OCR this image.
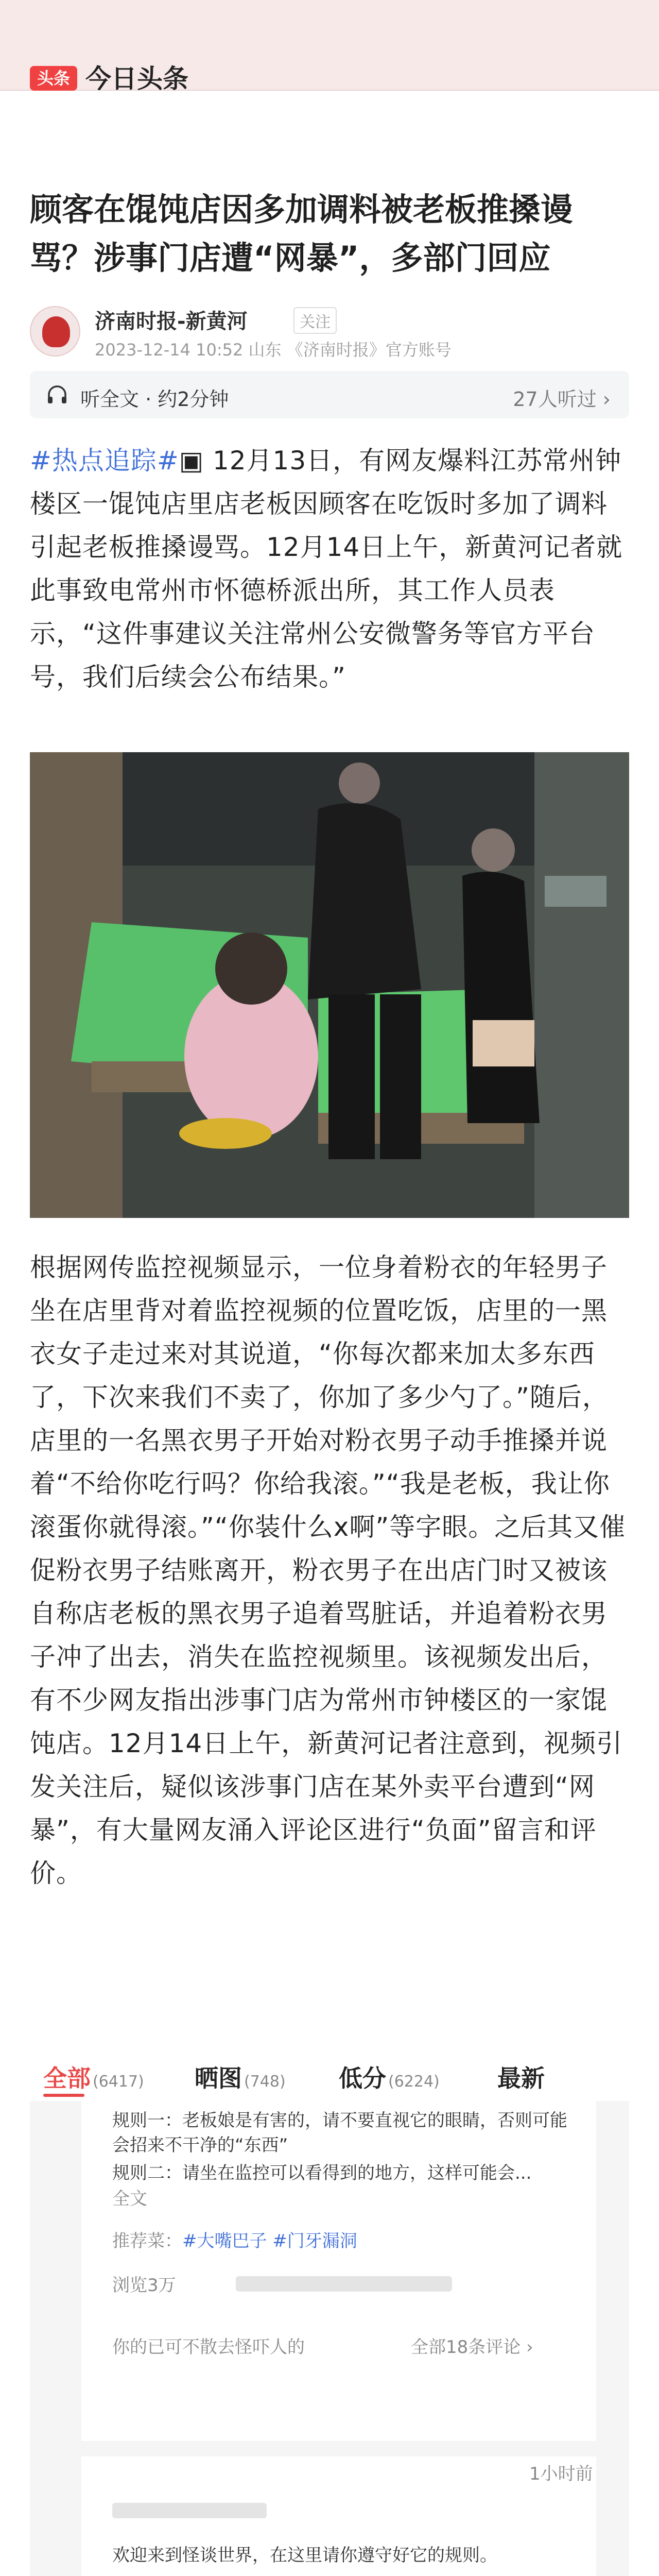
头条 今日头条
顾客在馄饨店因多加调料被老板推搡谩骂？涉事门店遭“网暴”，多部门回应
济南时报-新黄河	关注
2023-12-14 10:52 山东 《济南时报》官方账号
听全文 · 约2分钟	27人听过 ›
#热点追踪#▣ 12月13日，有网友爆料江苏常州钟楼区一馄饨店里店老板因顾客在吃饭时多加了调料引起老板推搡谩骂。12月14日上午，新黄河记者就此事致电常州市怀德桥派出所，其工作人员表示，“这件事建议关注常州公安微警务等官方平台号，我们后续会公布结果。”
根据网传监控视频显示，一位身着粉衣的年轻男子坐在店里背对着监控视频的位置吃饭，店里的一黑衣女子走过来对其说道，“你每次都来加太多东西了，下次来我们不卖了，你加了多少勺了。”随后，店里的一名黑衣男子开始对粉衣男子动手推搡并说着“不给你吃行吗？你给我滚。”“我是老板，我让你滚蛋你就得滚。”“你装什么x啊”等字眼。之后其又催促粉衣男子结账离开，粉衣男子在出店门时又被该自称店老板的黑衣男子追着骂脏话，并追着粉衣男子冲了出去，消失在监控视频里。该视频发出后，有不少网友指出涉事门店为常州市钟楼区的一家馄饨店。12月14日上午，新黄河记者注意到，视频引发关注后，疑似该涉事门店在某外卖平台遭到“网暴”，有大量网友涌入评论区进行“负面”留言和评价。
全部 (6417) 晒图 (748) 低分 (6224) 最新
规则一：老板娘是有害的，请不要直视它的眼睛，否则可能会招来不干净的“东西”
规则二：请坐在监控可以看得到的地方，这样可能会...
全文
推荐菜：#大嘴巴子 #门牙漏洞
浏览3万
你的已可不散去怪吓人的	全部18条评论 ›
1小时前
欢迎来到怪谈世界，在这里请你遵守好它的规则。
